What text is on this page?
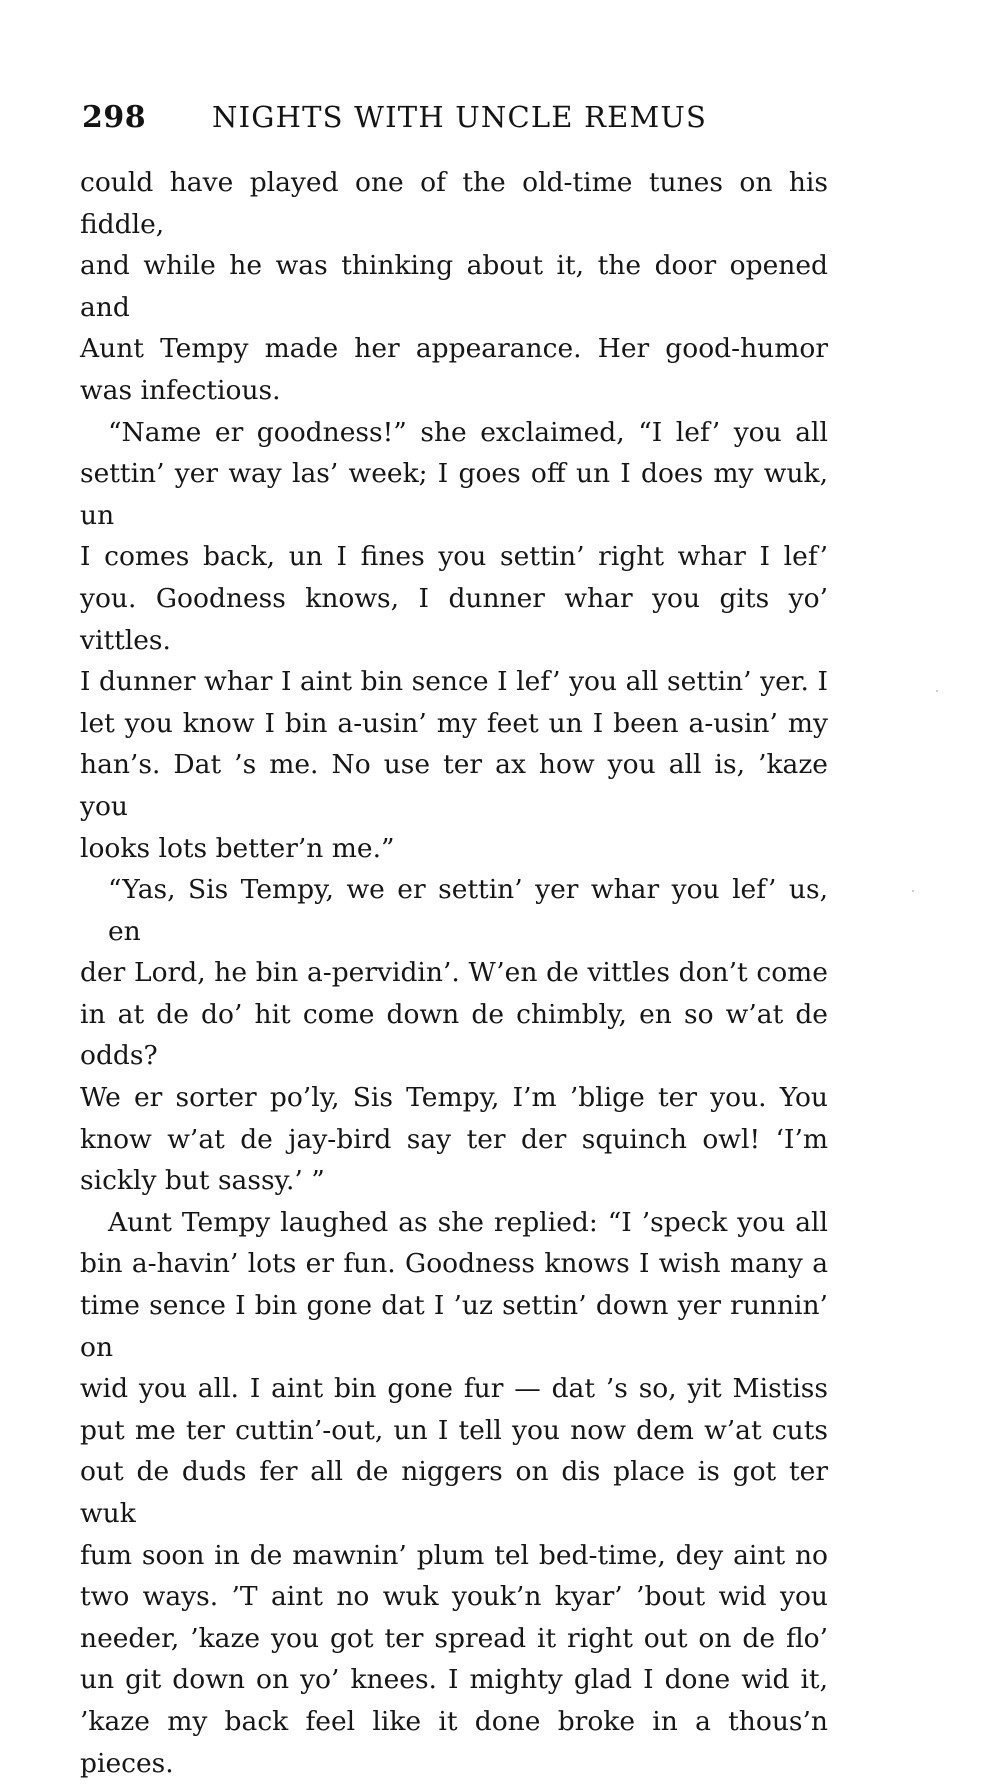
298 NIGHTS WITH UNCLE REMUS

could have played one of the old-time tunes on his fiddle,
and while he was thinking about it, the door opened and
Aunt Tempy made her appearance. Her good-humor
was infectious.

“Name er goodness!” she exclaimed, “I lef’ you all
settin’ yer way las’ week; I goes off un I does my wuk, un
I comes back, un I fines you settin’ right whar I lef’
you. Goodness knows, I dunner whar you gits yo’ vittles.
I dunner whar I aint bin sence I lef’ you all settin’ yer. I
let you know I bin a-usin’ my feet un I been a-usin’ my
han’s. Dat ’s me. No use ter ax how you all is, ’kaze you
looks lots better’n me.”

“Yas, Sis Tempy, we er settin’ yer whar you lef’ us, en
der Lord, he bin a-pervidin’. W’en de vittles don’t come
in at de do’ hit come down de chimbly, en so w’at de odds?
We er sorter po’ly, Sis Tempy, I’m ’blige ter you. You
know w’at de jay-bird say ter der squinch owl! ‘I’m
sickly but sassy.’ ”

Aunt Tempy laughed as she replied: “I ’speck you all
bin a-havin’ lots er fun. Goodness knows I wish many a
time sence I bin gone dat I ’uz settin’ down yer runnin’ on
wid you all. I aint bin gone fur — dat ’s so, yit Mistiss
put me ter cuttin’-out, un I tell you now dem w’at cuts
out de duds fer all de niggers on dis place is got ter wuk
fum soon in de mawnin’ plum tel bed-time, dey aint no
two ways. ’T aint no wuk youk’n kyar’ ’bout wid you
needer, ’kaze you got ter spread it right out on de flo’
un git down on yo’ knees. I mighty glad I done wid it,
’kaze my back feel like it done broke in a thous’n pieces.
